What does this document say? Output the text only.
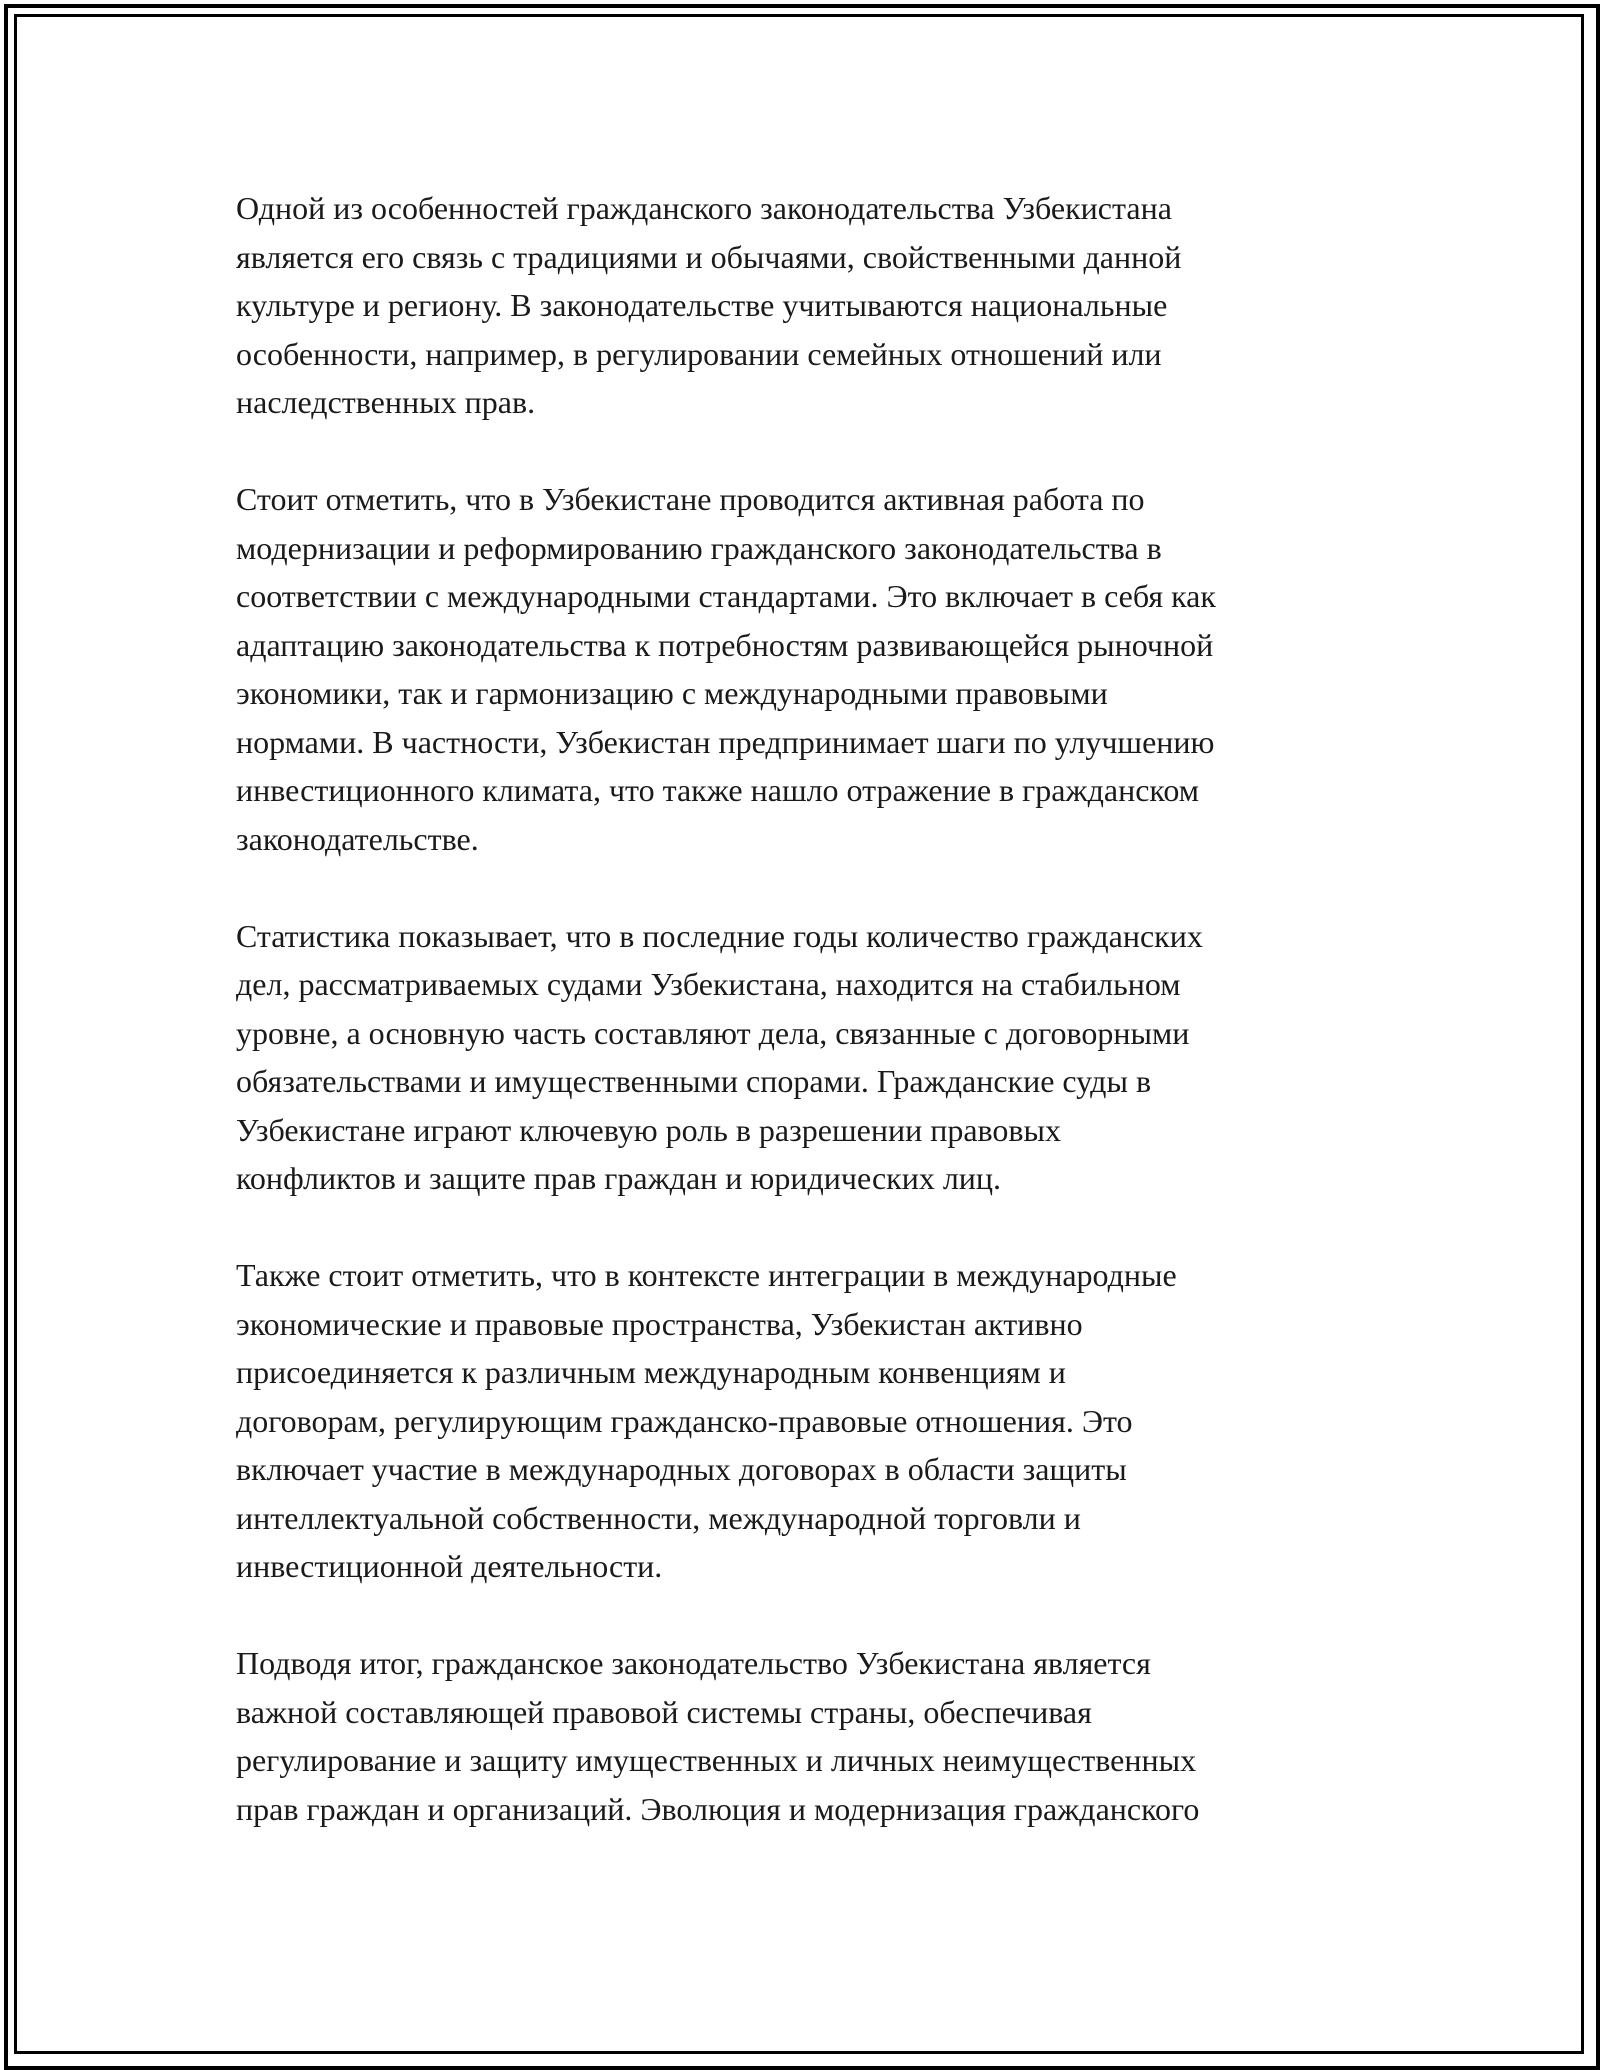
Одной из особенностей гражданского законодательства Узбекистана
является его связь с традициями и обычаями, свойственными данной
культуре и региону. В законодательстве учитываются национальные
особенности, например, в регулировании семейных отношений или
наследственных прав.

Стоит отметить, что в Узбекистане проводится активная работа по
модернизации и реформированию гражданского законодательства в
соответствии с международными стандартами. Это включает в себя как
адаптацию законодательства к потребностям развивающейся рыночной
экономики, так и гармонизацию с международными правовыми
нормами. В частности, Узбекистан предпринимает шаги по улучшению
инвестиционного климата, что также нашло отражение в гражданском
законодательстве.

Статистика показывает, что в последние годы количество гражданских
дел, рассматриваемых судами Узбекистана, находится на стабильном
уровне, а основную часть составляют дела, связанные с договорными
обязательствами и имущественными спорами. Гражданские суды в
Узбекистане играют ключевую роль в разрешении правовых
конфликтов и защите прав граждан и юридических лиц.

Также стоит отметить, что в контексте интеграции в международные
экономические и правовые пространства, Узбекистан активно
присоединяется к различным международным конвенциям и
договорам, регулирующим гражданско-правовые отношения. Это
включает участие в международных договорах в области защиты
интеллектуальной собственности, международной торговли и
инвестиционной деятельности.

Подводя итог, гражданское законодательство Узбекистана является
важной составляющей правовой системы страны, обеспечивая
регулирование и защиту имущественных и личных неимущественных
прав граждан и организаций. Эволюция и модернизация гражданского
